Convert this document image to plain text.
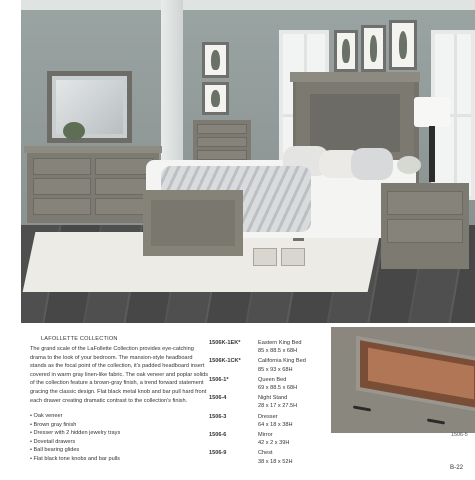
LAFOLLETTE COLLECTION
The grand scale of the LaFollette Collection provides eye-catching drama to the look of your bedroom. The mansion-style headboard stands as the focal point of the collection, it's padded headboard insert covered in warm gray linen-like fabric. The oak veneer and poplar solids of the collection feature a brown-gray finish, a trend forward statement gracing the classic design. Flat black metal knob and bar pull hard front each drawer creating dramatic contrast to the collection's finish.
• Oak veneer
• Brown gray finish
• Dresser with 2 hidden jewelry trays
• Dovetail drawers
• Ball bearing glides
• Flat black tone knobs and bar pulls
1506K-1EK*	Eastern King Bed
85 x 88.5 x 68H
1506K-1CK*	California King Bed
85 x 93 x 68H
1506-1*	Queen Bed
69 x 88.5 x 68H
1506-4	Night Stand
28 x 17 x 27.5H
1506-3	Dresser
64 x 18 x 38H
1506-6	Mirror
42 x 2 x 39H
1506-9	Chest
38 x 18 x 52H
1506-5
B-22
